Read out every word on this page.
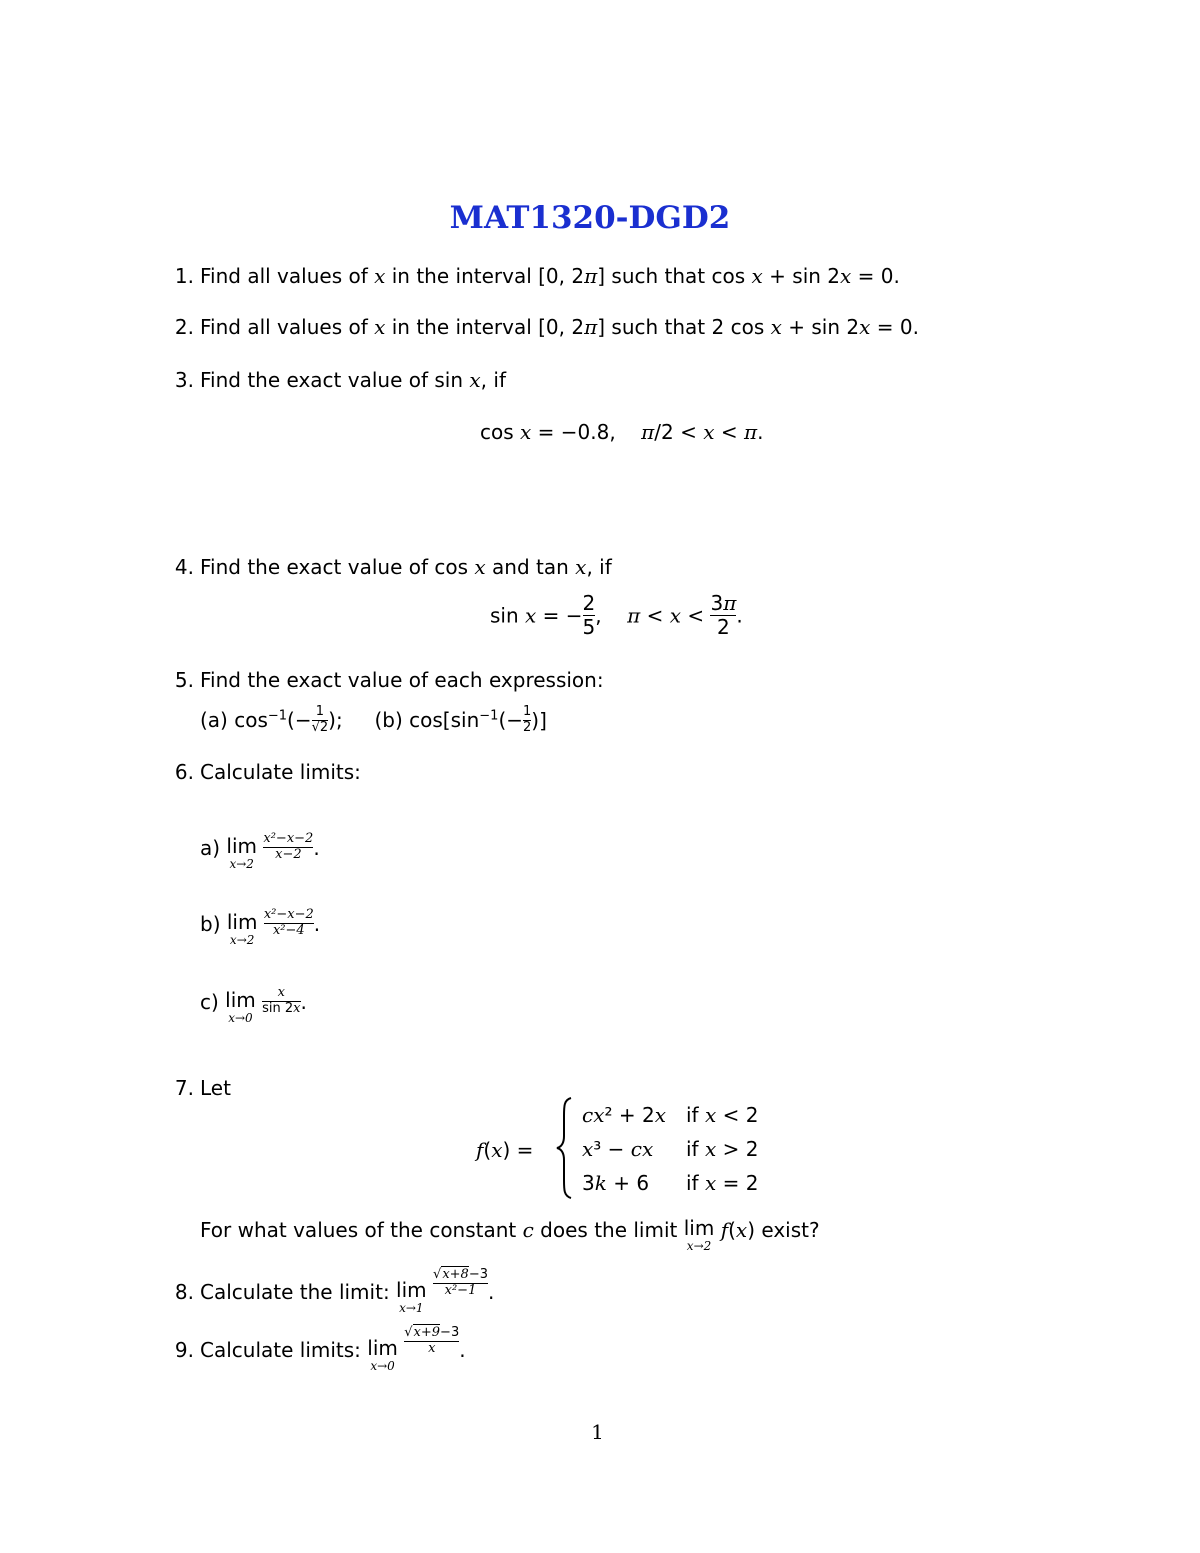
MAT1320-DGD2
1. Find all values of x in the interval [0, 2π] such that cos x + sin 2x = 0.
2. Find all values of x in the interval [0, 2π] such that 2 cos x + sin 2x = 0.
3. Find the exact value of sin x, if
cos x = −0.8,    π/2 < x < π.
4. Find the exact value of cos x and tan x, if
sin x = − $\frac{2}{5}$ ,    $\pi < x < \frac{3\pi}{2}$ .
5. Find the exact value of each expression:
(a) $\cos^{-1}(- \frac{1}{√2}$ );     (b) $\cos[\sin^{-1}(- \frac{1}{2}$ )]
6. Calculate limits:
a) lim
x→2

$\frac{\text{x²−x−2}}{x-2}$ .
b) lim
x→2

$\frac{\text{x²−x−2}}{\text{x²−4}}$ .
c) lim
x→0

$\frac{x}{\sin 2x}$ .
7. Let
f(x) =
cx² + 2x	if x < 2
x³ − cx	if x > 2
3k + 6	if x = 2
For what values of the constant c does the limit lim
x→2
f(x) exist?
8. Calculate the limit: lim
x→1

$\frac{√x+8-3}{\text{x²−1}}$ .
9. Calculate limits: lim
x→0

$\frac{√x+9-3}{x}$ .
1
